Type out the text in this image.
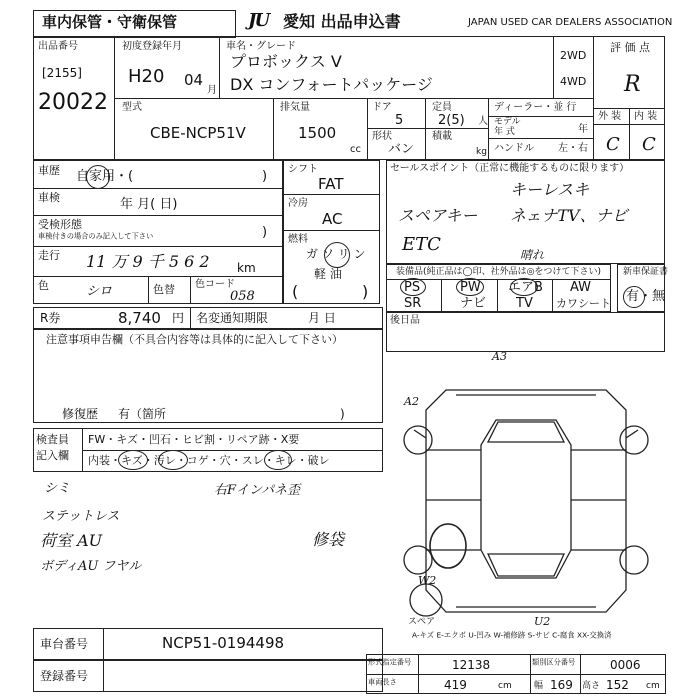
車内保管・守衛保管	JU 愛知 出品申込書	JAPAN USED CAR DEALERS ASSOCIATION
出品番号
[2155]
20022
初度登録年月
H20 04
月
車名・グレード
プロボックス V
DX コンフォートパッケージ
2WD
4WD
評 価 点
R
外 装 内 装
C C
型式
CBE-NCP51V
排気量
1500
cc
ドア
5
定員
2(5) 人
形状
バン
積載
kg
ディーラー・並 行
モデル
年 式	年
ハンドル 左・右
車歴 自家用・(	)
車検	年 月( 日)
受検形態
車検付きの場合のみ記入して下さい	)
走行 11 万 9 千 5 6 2 km
色	シロ	色替 色コード
058
シフト
FAT
冷房
AC
燃料
ガ ソ リ ン
軽 油
(	)
セールスポイント（正常に機能するものに限ります）
キーレスキ
スペアキー ネェナTV、ナビ
ETC	晴れ
装備品(純正品は◯印、社外品は◎をつけて下さい)
PS	PW エアB AW
SR	ナビ TV カワシート
新車保証書
有・無
R券	8,740 円 名変通知期限	月 日	後日品
注意事項申告欄（不具合内容等は具体的に記入して下さい）
修復歴 有（箇所	)
検査員
記入欄
FW・キズ・凹石・ヒビ割・リペア跡・X要
内装・キズ・汚レ・コゲ・穴・スレ・キレ・破レ
シミ	右Fインパネ歪
ステットレス
荷室 AU	修袋
ボディAU フヤル
A3
A2
W2
U2
スペア
A-キズ E-エクボ U-凹み W-補修跡 S-サビ C-腐食 XX-交換済
車台番号	NCP51-0194498
登録番号
形式指定番号	12138	類別区分番号	0006
車両長さ	419	cm 幅 169 高さ 152 cm
